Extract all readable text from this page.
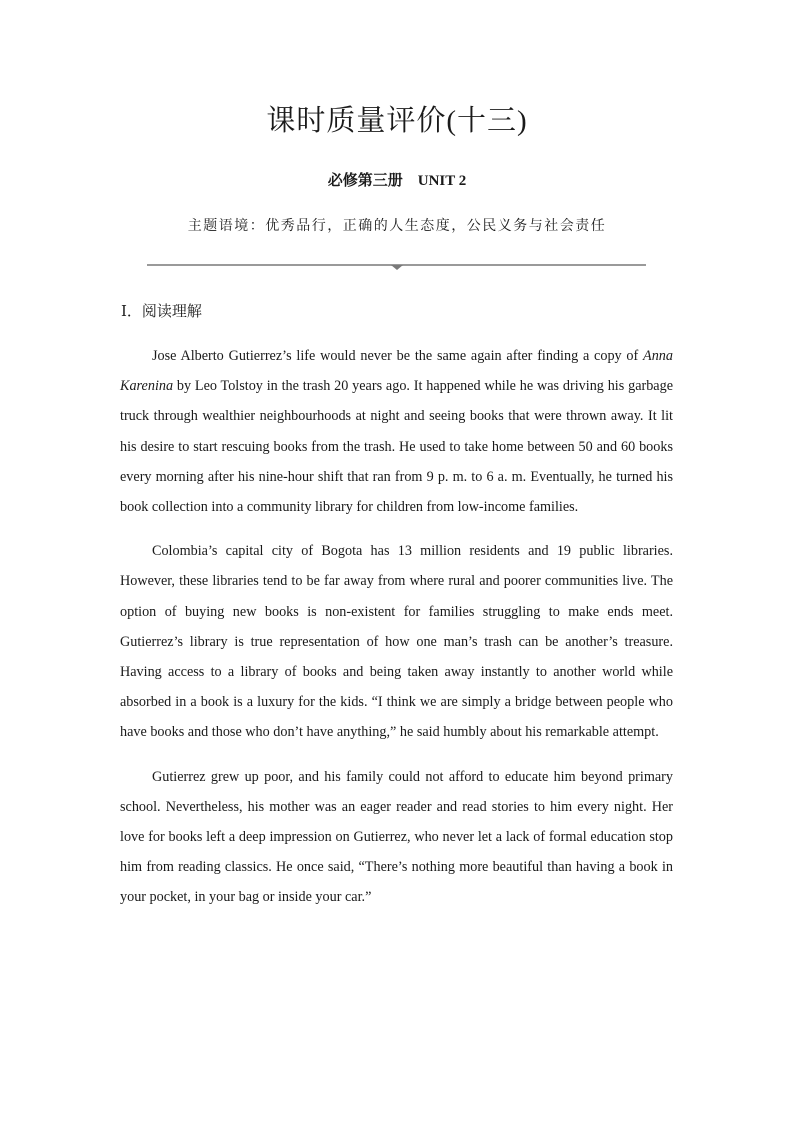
课时质量评价(十三)
必修第三册　UNIT 2
主题语境：优秀品行，正确的人生态度，公民义务与社会责任
Ⅰ．阅读理解

Jose Alberto Gutierrez’s life would never be the same again after finding a copy of Anna Karenina by Leo Tolstoy in the trash 20 years ago. It happened while he was driving his garbage truck through wealthier neighbourhoods at night and seeing books that were thrown away. It lit his desire to start rescuing books from the trash. He used to take home between 50 and 60 books every morning after his nine-hour shift that ran from 9 p. m. to 6 a. m. Eventually, he turned his book collection into a community library for children from low-income families.

Colombia’s capital city of Bogota has 13 million residents and 19 public libraries. However, these libraries tend to be far away from where rural and poorer communities live. The option of buying new books is non-existent for families struggling to make ends meet. Gutierrez’s library is true representation of how one man’s trash can be another’s treasure. Having access to a library of books and being taken away instantly to another world while absorbed in a book is a luxury for the kids. “I think we are simply a bridge between people who have books and those who don’t have anything,” he said humbly about his remarkable attempt.

Gutierrez grew up poor, and his family could not afford to educate him beyond primary school. Nevertheless, his mother was an eager reader and read stories to him every night. Her love for books left a deep impression on Gutierrez, who never let a lack of formal education stop him from reading classics. He once said, “There’s nothing more beautiful than having a book in your pocket, in your bag or inside your car.”
